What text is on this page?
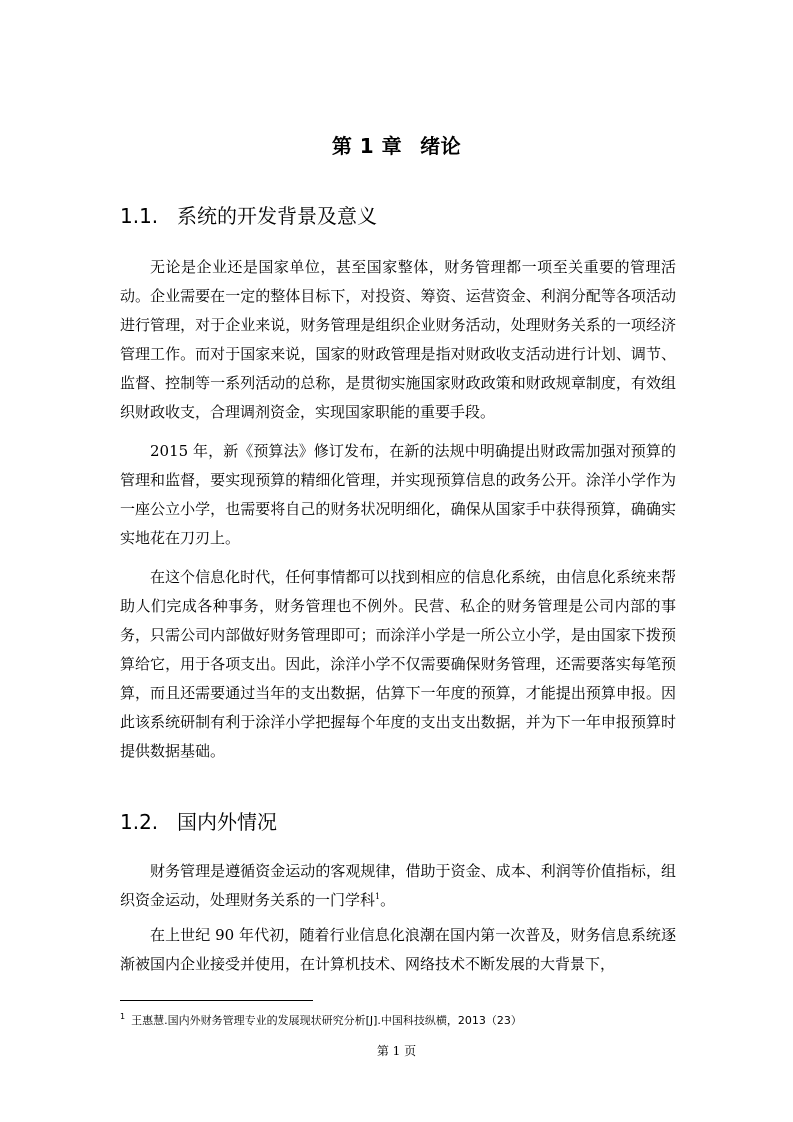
第 1 章 绪论
1.1. 系统的开发背景及意义

无论是企业还是国家单位，甚至国家整体，财务管理都一项至关重要的管理活动。企业需要在一定的整体目标下，对投资、筹资、运营资金、利润分配等各项活动进行管理，对于企业来说，财务管理是组织企业财务活动，处理财务关系的一项经济管理工作。而对于国家来说，国家的财政管理是指对财政收支活动进行计划、调节、监督、控制等一系列活动的总称，是贯彻实施国家财政政策和财政规章制度，有效组织财政收支，合理调剂资金，实现国家职能的重要手段。

2015 年，新《预算法》修订发布，在新的法规中明确提出财政需加强对预算的管理和监督，要实现预算的精细化管理，并实现预算信息的政务公开。涂洋小学作为一座公立小学，也需要将自己的财务状况明细化，确保从国家手中获得预算，确确实实地花在刀刃上。

在这个信息化时代，任何事情都可以找到相应的信息化系统，由信息化系统来帮助人们完成各种事务，财务管理也不例外。民营、私企的财务管理是公司内部的事务，只需公司内部做好财务管理即可；而涂洋小学是一所公立小学，是由国家下拨预算给它，用于各项支出。因此，涂洋小学不仅需要确保财务管理，还需要落实每笔预算，而且还需要通过当年的支出数据，估算下一年度的预算，才能提出预算申报。因此该系统研制有利于涂洋小学把握每个年度的支出支出数据，并为下一年申报预算时提供数据基础。

1.2. 国内外情况

财务管理是遵循资金运动的客观规律，借助于资金、成本、利润等价值指标，组织资金运动，处理财务关系的一门学科$^1$。

在上世纪 90 年代初，随着行业信息化浪潮在国内第一次普及，财务信息系统逐渐被国内企业接受并使用，在计算机技术、网络技术不断发展的大背景下，

$^1$ 王惠慧.国内外财务管理专业的发展现状研究分析[J].中国科技纵横，2013（23）
第 1 页
